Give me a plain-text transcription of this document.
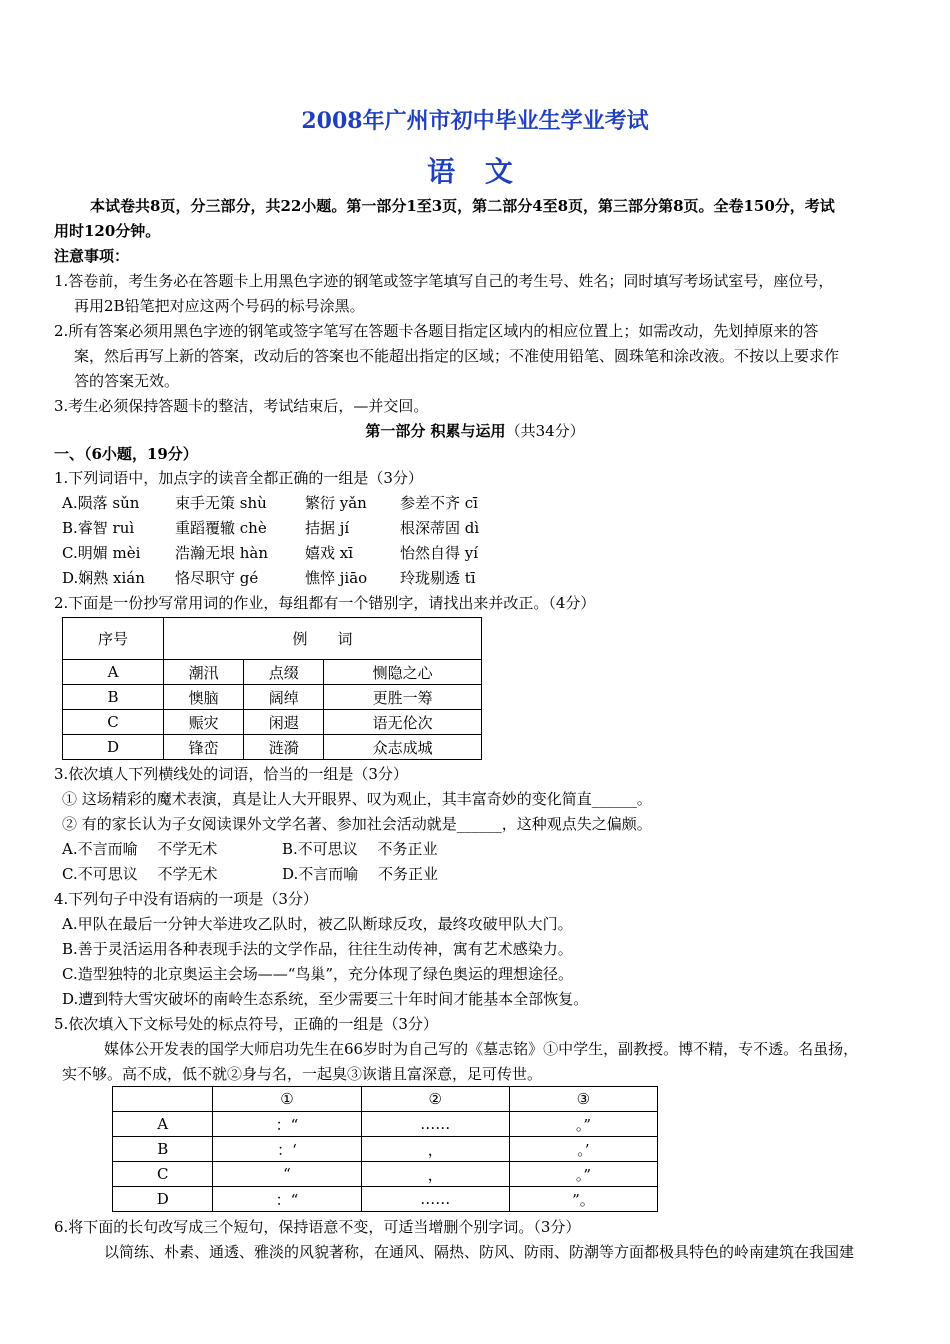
2008年广州市初中毕业生学业考试
语 文
本试卷共8页，分三部分，共22小题。第一部分1至3页，第二部分4至8页，第三部分第8页。全卷150分，考试
用时120分钟。
注意事项：
1.答卷前，考生务必在答题卡上用黑色字迹的钢笔或签字笔填写自己的考生号、姓名；同时填写考场试室号，座位号，
再用2B铅笔把对应这两个号码的标号涂黑。
2.所有答案必须用黑色字迹的钢笔或签字笔写在答题卡各题目指定区域内的相应位置上；如需改动，先划掉原来的答
案，然后再写上新的答案，改动后的答案也不能超出指定的区域；不准使用铅笔、圆珠笔和涂改液。不按以上要求作
答的答案无效。
3.考生必须保持答题卡的整洁，考试结束后，—并交回。
第一部分 积累与运用（共34分）
一、（6小题，19分）
1.下列词语中，加点字的读音全都正确的一组是（3分）
A.陨落 sǔn 束手无策 shù	繁衍 yǎn 参差不齐 cī
B.睿智 ruì	重蹈覆辙 chè	拮据 jí	根深蒂固 dì
C.明媚 mèi 浩瀚无垠 hàn 嬉戏 xī	怡然自得 yí
D.娴熟 xián 恪尽职守 gé	憔悴 jiāo 玲珑剔透 tī
2.下面是一份抄写常用词的作业，每组都有一个错别字，请找出来并改正。（4分）
序号	例　　词		
A	潮汛	点缀	恻隐之心
B	懊脑	阔绰	更胜一筹
C	赈灾	闲遐	语无伦次
D	锋峦	涟漪	众志成城
3.依次填人下列横线处的词语，恰当的一组是（3分）
① 这场精彩的魔术表演，真是让人大开眼界、叹为观止，其丰富奇妙的变化简直______。
② 有的家长认为子女阅读课外文学名著、参加社会活动就是______，这种观点失之偏颇。
A.不言而喻　 不学无术	B.不可思议　 不务正业
C.不可思议　 不学无术	D.不言而喻　 不务正业
4.下列句子中没有语病的一项是（3分）
A.甲队在最后一分钟大举进攻乙队时，被乙队断球反攻，最终攻破甲队大门。
B.善于灵活运用各种表现手法的文学作品，往往生动传神，寓有艺术感染力。
C.造型独特的北京奥运主会场——“鸟巢”，充分体现了绿色奥运的理想途径。
D.遭到特大雪灾破坏的南岭生态系统，至少需要三十年时间才能基本全部恢复。
5.依次填入下文标号处的标点符号，正确的一组是（3分）
媒体公开发表的国学大师启功先生在66岁时为自己写的《墓志铭》①中学生，副教授。博不精，专不透。名虽扬，
实不够。高不成，低不就②身与名，一起臭③诙谐且富深意，足可传世。
	①	②	③
A	：“	……	。”
B	：‘	，	。’
C	“	，	。”
D	：“	……	”。
6.将下面的长句改写成三个短句，保持语意不变，可适当增删个别字词。（3分）
以简练、朴素、通透、雅淡的风貌著称，在通风、隔热、防风、防雨、防潮等方面都极具特色的岭南建筑在我国建
